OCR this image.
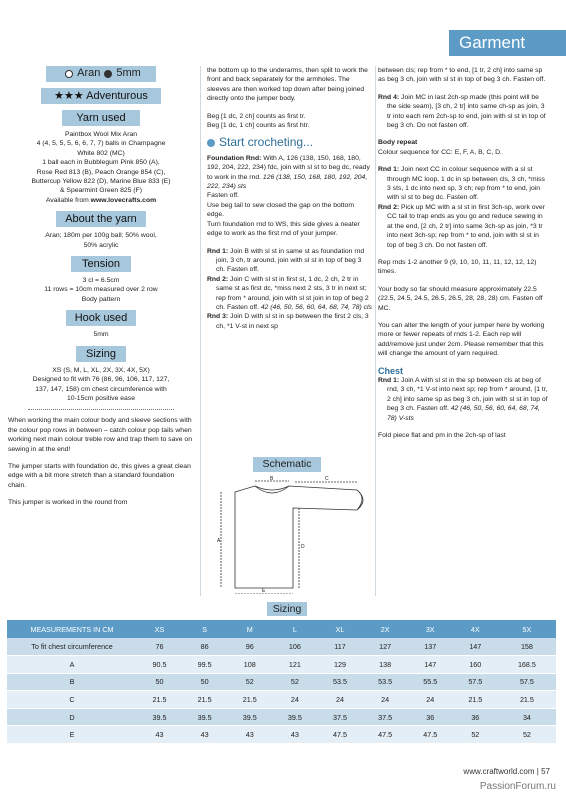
Garment
Aran 5mm
★★★ Adventurous
Yarn used
Paintbox Wool Mix Aran
4 (4, 5, 5, 5, 6, 6, 7, 7) balls in Champagne
White 802 (MC)
1 ball each in Bubblegum Pink 850 (A),
Rose Red 813 (B), Peach Orange 854 (C),
Buttercup Yellow 822 (D), Marine Blue 833 (E)
& Spearmint Green 825 (F)
Available from www.lovecrafts.com
About the yarn
Aran; 180m per 100g ball; 50% wool,
50% acrylic
Tension
3 cl = 6.5cm
11 rows = 10cm measured over 2 row
Body pattern
Hook used
5mm
Sizing
XS (S, M, L, XL, 2X, 3X, 4X, 5X)
Designed to fit with 76 (86, 96, 106, 117, 127,
137, 147, 158) cm chest circumference with
10-15cm positive ease
When working the main colour body and sleeve sections with the colour pop rows in between – catch colour pop tails when working next main colour treble row and trap them to save on sewing in at the end!
The jumper starts with foundation dc, this gives a great clean edge with a bit more stretch than a standard foundation chain.
This jumper is worked in the round from
the bottom up to the underarms, then split to work the front and back separately for the armholes. The sleeves are then worked top down after being joined directly onto the jumper body.
Beg [1 dc, 2 ch] counts as first tr.
Beg [1 dc, 1 ch] counts as first htr.
Start crocheting...
Foundation Rnd: With A, 126 (138, 150, 168, 180, 192, 204, 222, 234) fdc, join with sl st to beg dc, ready to work in the rnd. 126 (138, 150, 168, 180, 192, 204, 222, 234) sts
Fasten off.
Use beg tail to sew closed the gap on the bottom edge.
Turn foundation rnd to WS, this side gives a neater edge to work as the first rnd of your jumper.
Rnd 1: Join B with sl st in same st as foundation rnd join, 3 ch, tr around, join with sl st in top of beg 3 ch. Fasten off.
Rnd 2: Join C with sl st in first st, 1 dc, 2 ch, 2 tr in same st as first dc, *miss next 2 sts, 3 tr in next st; rep from * around, join with sl st join in top of beg 2 ch. Fasten off. 42 (46, 50, 56, 60, 64, 68, 74, 78) cls
Rnd 3: Join D with sl st in sp between the first 2 cls, 3 ch, *1 V-st in next sp
Schematic
B	C
A
D
E
between cls; rep from * to end, [1 tr, 2 ch] into same sp as beg 3 ch, join with sl st in top of beg 3 ch. Fasten off.
Rnd 4: Join MC in last 2ch-sp made (this point will be the side seam), [3 ch, 2 tr] into same ch-sp as join, 3 tr into each rem 2ch-sp to end, join with sl st in top of beg 3 ch. Do not fasten off.
Body repeat
Colour sequence for CC: E, F, A, B, C, D.
Rnd 1: Join next CC in colour sequence with a sl st through MC loop, 1 dc in sp between cls, 3 ch, *miss 3 sts, 1 dc into next sp, 3 ch; rep from * to end, join with sl st to beg dc. Fasten off.
Rnd 2: Pick up MC with a sl st in first 3ch-sp, work over CC tail to trap ends as you go and reduce sewing in at the end, [2 ch, 2 tr] into same 3ch-sp as join, *3 tr into next 3ch-sp; rep from * to end, join with sl st in top of beg 3 ch. Do not fasten off.
Rep rnds 1-2 another 9 (9, 10, 10, 11, 11, 12, 12, 12) times.
Your body so far should measure approximately 22.5 (22.5, 24.5, 24.5, 26.5, 26.5, 28, 28, 28) cm. Fasten off MC.
You can alter the length of your jumper here by working more or fewer repeats of rnds 1-2. Each rep will add/remove just under 2cm. Please remember that this will change the amount of yarn required.
Chest
Rnd 1: Join A with sl st in the sp between cls at beg of rnd, 3 ch, *1 V-st into next sp; rep from * around, [1 tr, 2 ch] into same sp as beg 3 ch, join with sl st in top of beg 3 ch. Fasten off. 42 (46, 50, 56, 60, 64, 68, 74, 78) V-sts
Fold piece flat and pm in the 2ch-sp of last
Sizing
MEASUREMENTS IN CM	XS	S	M	L	XL	2X	3X	4X	5X
To fit chest circumference	76	86	96	106	117	127	137	147	158
A	90.5	99.5	108	121	129	138	147	160	168.5
B	50	50	52	52	53.5	53.5	55.5	57.5	57.5
C	21.5	21.5	21.5	24	24	24	24	21.5	21.5
D	39.5	39.5	39.5	39.5	37.5	37.5	36	36	34
E	43	43	43	43	47.5	47.5	47.5	52	52
www.craftworld.com | 57
PassionForum.ru
